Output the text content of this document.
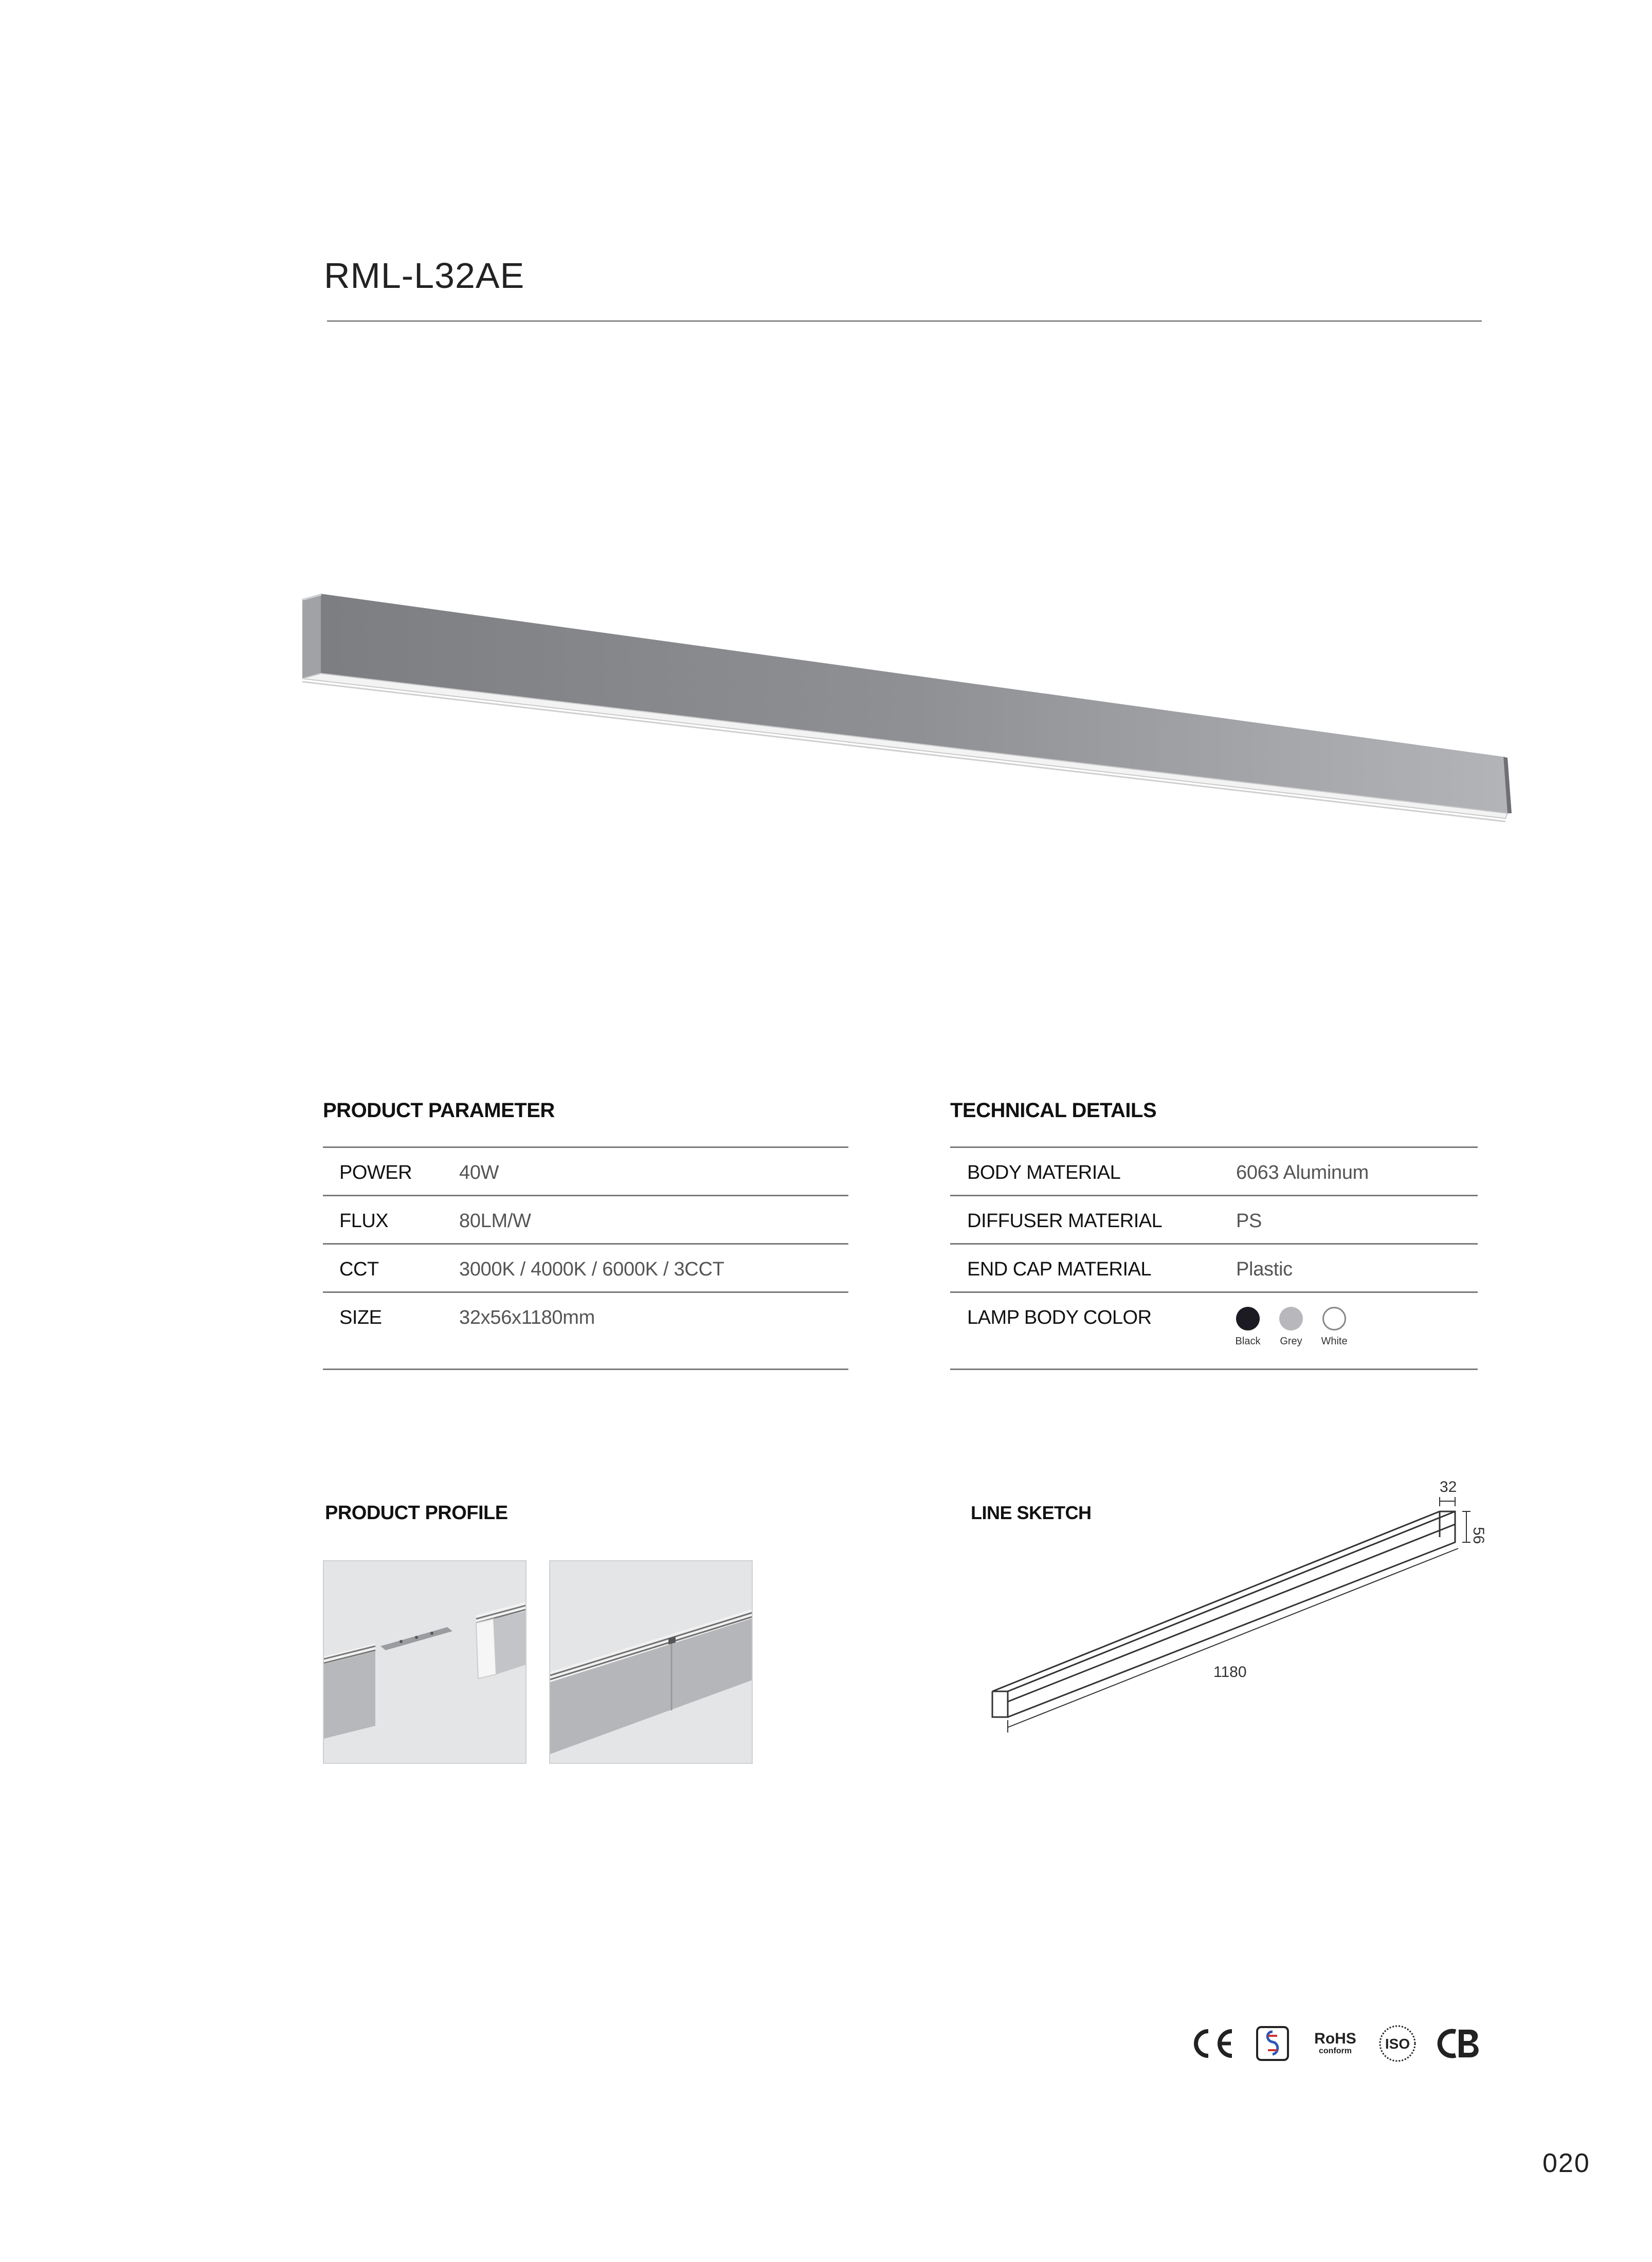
RML-L32AE
PRODUCT PARAMETER
POWER 40W
FLUX	80LM/W
CCT	3000K / 4000K / 6000K / 3CCT
SIZE	32x56x1180mm
TECHNICAL DETAILS
BODY MATERIAL	6063 Aluminum
DIFFUSER MATERIAL	PS
END CAP MATERIAL	Plastic
LAMP BODY COLOR
Black	Grey	White
PRODUCT PROFILE	LINE SKETCH
32
56
1180
RoHS
conform ISO
020
